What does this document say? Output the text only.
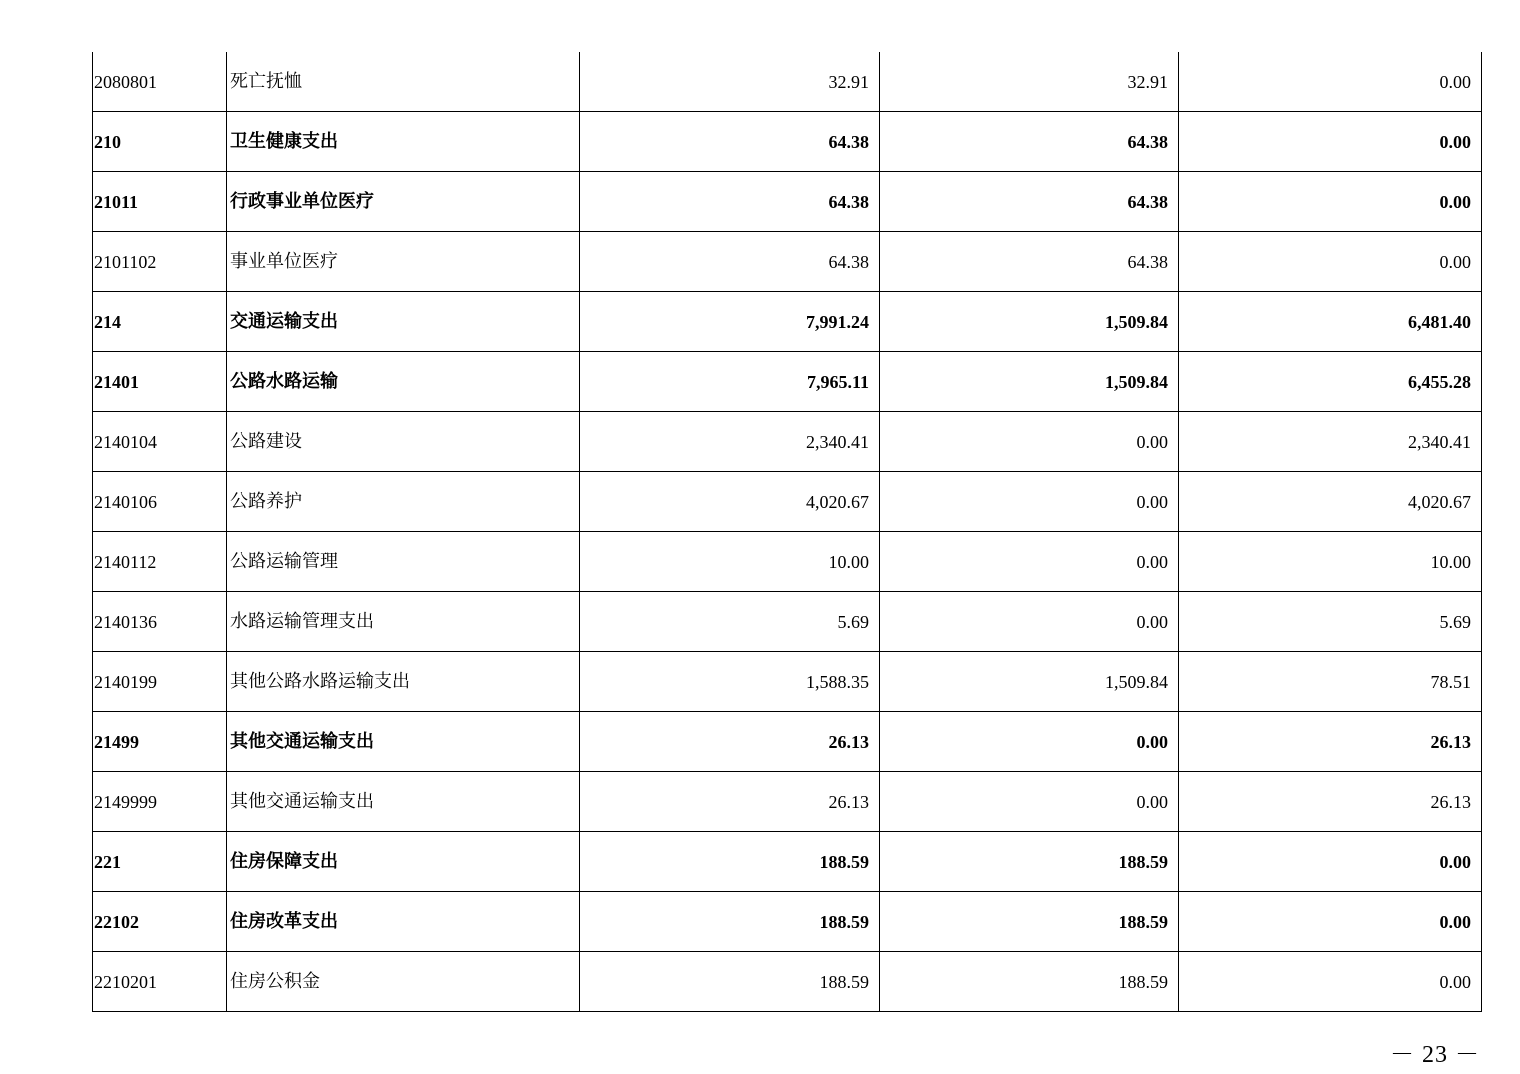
2080801	死亡抚恤	32.91	32.91	0.00
210	卫生健康支出	64.38	64.38	0.00
21011	行政事业单位医疗	64.38	64.38	0.00
2101102	事业单位医疗	64.38	64.38	0.00
214	交通运输支出	7,991.24	1,509.84	6,481.40
21401	公路水路运输	7,965.11	1,509.84	6,455.28
2140104	公路建设	2,340.41	0.00	2,340.41
2140106	公路养护	4,020.67	0.00	4,020.67
2140112	公路运输管理	10.00	0.00	10.00
2140136	水路运输管理支出	5.69	0.00	5.69
2140199	其他公路水路运输支出	1,588.35	1,509.84	78.51
21499	其他交通运输支出	26.13	0.00	26.13
2149999	其他交通运输支出	26.13	0.00	26.13
221	住房保障支出	188.59	188.59	0.00
22102	住房改革支出	188.59	188.59	0.00
2210201	住房公积金	188.59	188.59	0.00
－ 23 －
